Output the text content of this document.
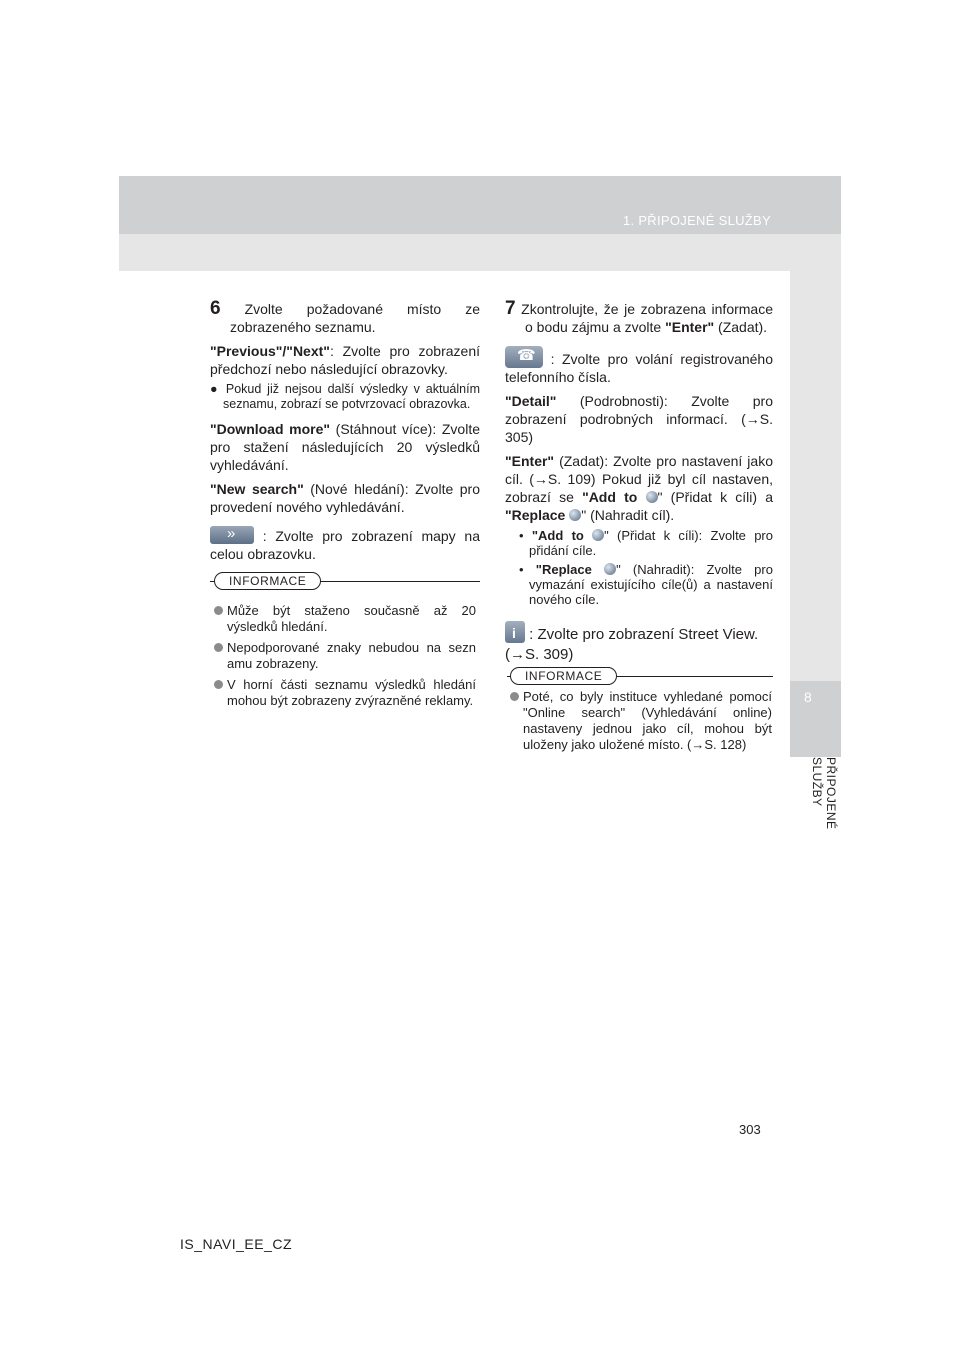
1. PŘIPOJENÉ SLUŽBY
8
PŘIPOJENÉ SLUŽBY

6 Zvolte požadované místo ze zobrazeného seznamu.

"Previous"/"Next": Zvolte pro zobrazení předchozí nebo následující obrazovky.

● Pokud již nejsou další výsledky v aktuálním seznamu, zobrazí se potvrzovací obrazovka.

"Download more" (Stáhnout více): Zvolte pro stažení následujících 20 výsledků vyhledávání.

"New search" (Nové hledání): Zvolte pro provedení nového vyhledávání.

» : Zvolte pro zobrazení mapy na celou obrazovku.

INFORMACE

Může být staženo současně až 20 výsledků hledání.

Nepodporované znaky nebudou na sezn amu zobrazeny.

V horní části seznamu výsledků hledání mohou být zobrazeny zvýrazněné reklamy.

7 Zkontrolujte, že je zobrazena informace o bodu zájmu a zvolte "Enter" (Zadat).

☎ : Zvolte pro volání registrovaného telefonního čísla.

"Detail" (Podrobnosti): Zvolte pro zobrazení podrobných informací. (→S. 305)

"Enter" (Zadat): Zvolte pro nastavení jako cíl. (→S. 109) Pokud již byl cíl nastaven, zobrazí se "Add to " (Přidat k cíli) a "Replace " (Nahradit cíl).

• "Add to " (Přidat k cíli): Zvolte pro přidání cíle.

• "Replace " (Nahradit): Zvolte pro vymazání existujícího cíle(ů) a nastavení nového cíle.

i : Zvolte pro zobrazení Street View. (→S. 309)

INFORMACE

Poté, co byly instituce vyhledané pomocí "Online search" (Vyhledávání online) nastaveny jednou jako cíl, mohou být uloženy jako uložené místo. (→S. 128)

303
IS_NAVI_EE_CZ
